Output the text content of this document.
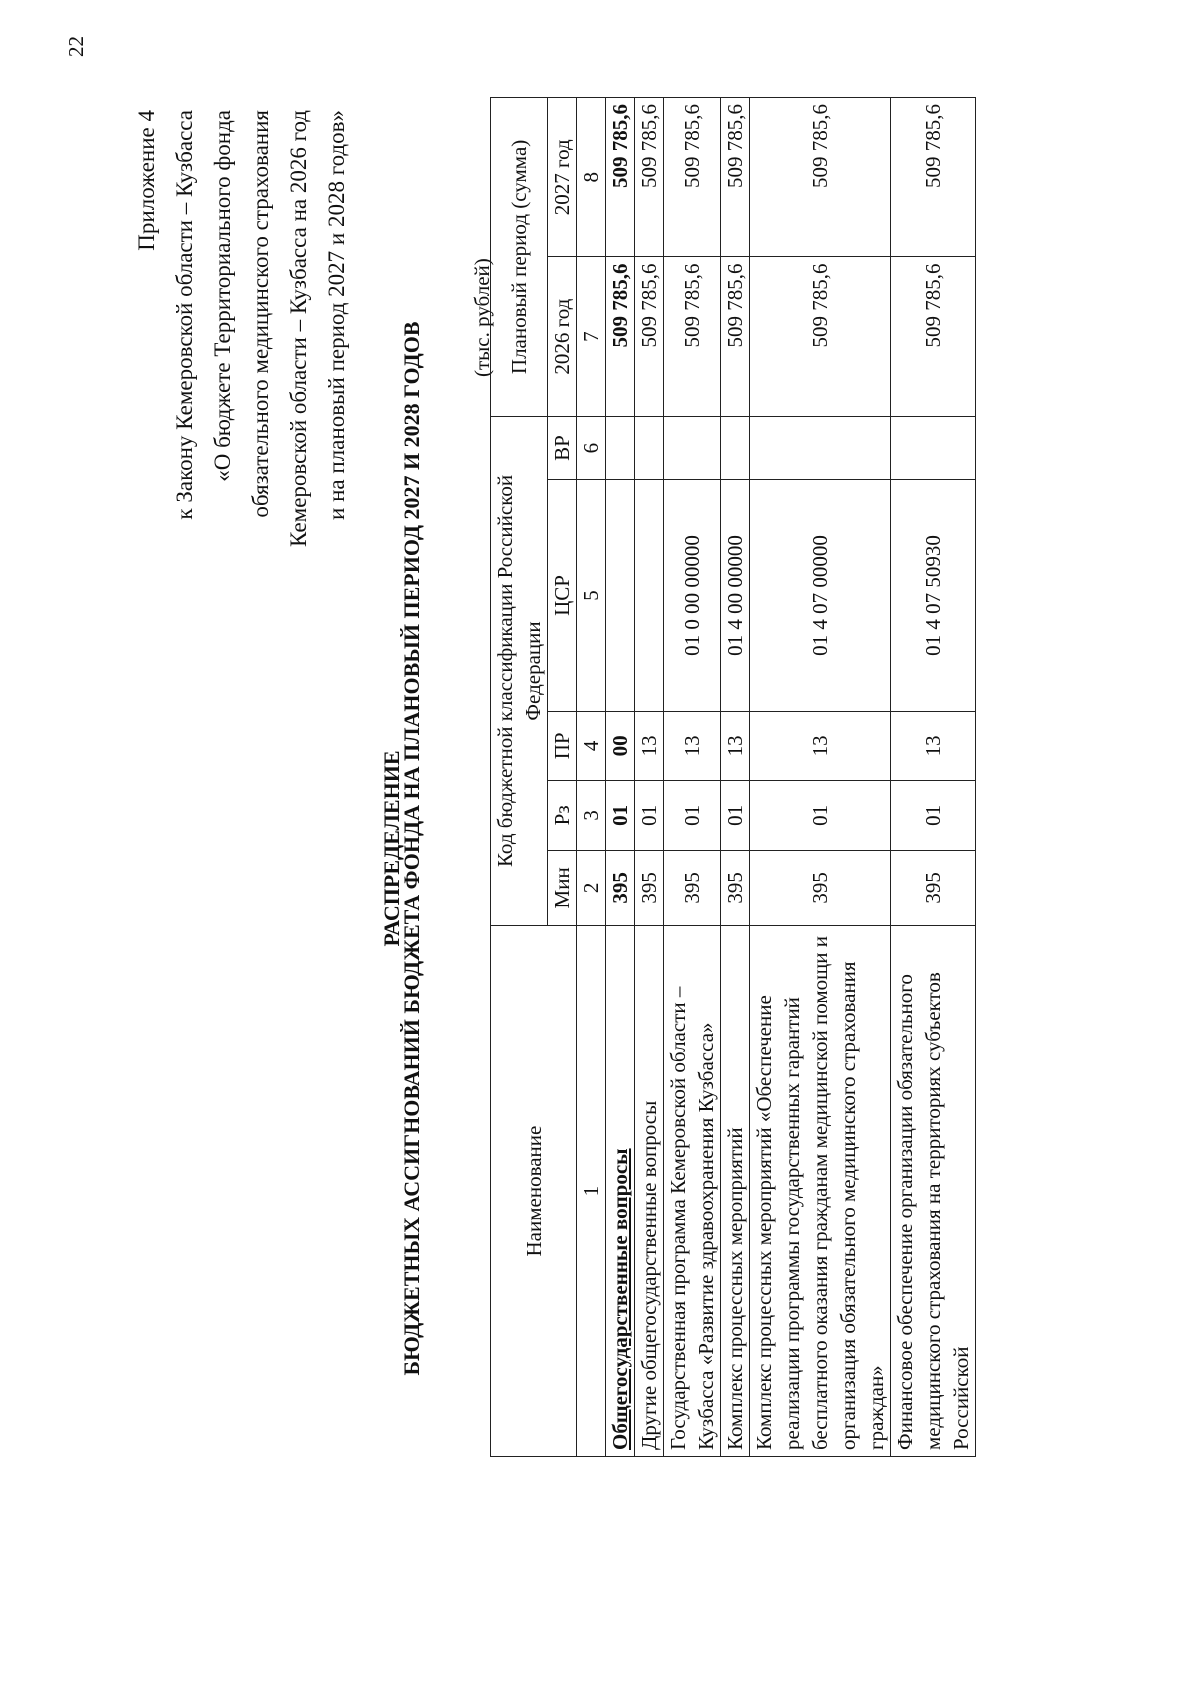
22
Приложение 4 к Закону Кемеровской области – Кузбасса «О бюджете Территориального фонда обязательного медицинского страхования Кемеровской области – Кузбасса на 2026 год и на плановый период 2027 и 2028 годов»
РАСПРЕДЕЛЕНИЕ
БЮДЖЕТНЫХ АССИГНОВАНИЙ БЮДЖЕТА ФОНДА НА ПЛАНОВЫЙ ПЕРИОД 2027 И 2028 ГОДОВ
(тыс. рублей)
Наименование	Код бюджетной классификации Российской Федерации					Плановый период (сумма)	
	Мин	Рз	ПР	ЦСР	ВР	2026 год	2027 год
1	2	3	4	5	6	7	8
Общегосударственные вопросы	395	01	00			509 785,6	509 785,6
Другие общегосударственные вопросы	395	01	13			509 785,6	509 785,6
Государственная программа Кемеровской области – Кузбасса «Развитие здравоохранения Кузбасса»	395	01	13	01 0 00 00000		509 785,6	509 785,6
Комплекс процессных мероприятий	395	01	13	01 4 00 00000		509 785,6	509 785,6
Комплекс процессных мероприятий «Обеспечение реализации программы государственных гарантий бесплатного оказания гражданам медицинской помощи и организация обязательного медицинского страхования граждан»	395	01	13	01 4 07 00000		509 785,6	509 785,6
Финансовое обеспечение организации обязательного медицинского страхования на территориях субъектов Российской	395	01	13	01 4 07 50930		509 785,6	509 785,6
